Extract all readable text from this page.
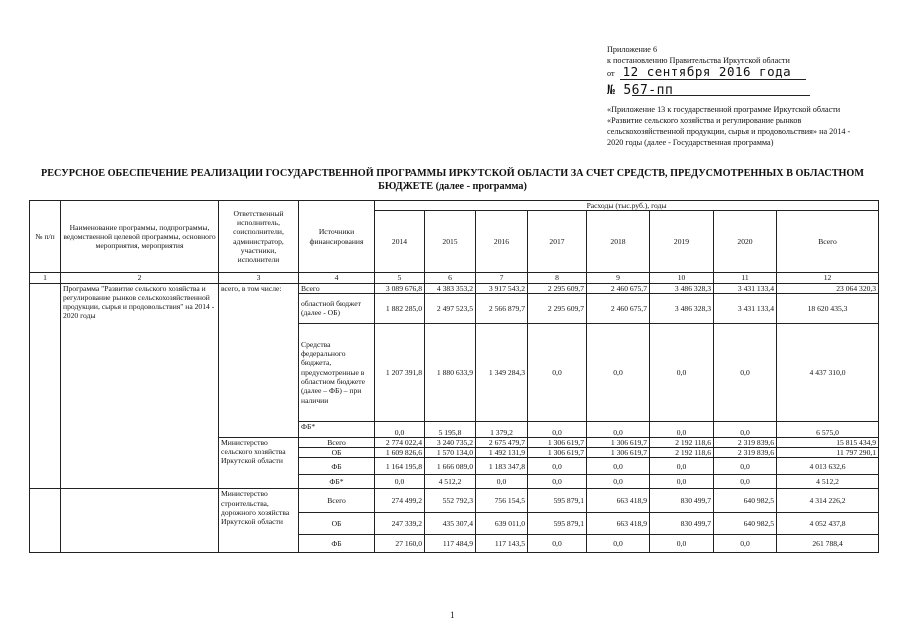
Приложение 6
к постановлению Правительства Иркутской области
от 12 сентября 2016 года
№ 567-пп
«Приложение 13 к государственной программе Иркутской области «Развитие сельского хозяйства и регулирование рынков сельскохозяйственной продукции, сырья и продовольствия» на 2014 - 2020 годы (далее - Государственная программа)
РЕСУРСНОЕ ОБЕСПЕЧЕНИЕ РЕАЛИЗАЦИИ ГОСУДАРСТВЕННОЙ ПРОГРАММЫ ИРКУТСКОЙ ОБЛАСТИ ЗА СЧЕТ СРЕДСТВ, ПРЕДУСМОТРЕННЫХ В ОБЛАСТНОМ БЮДЖЕТЕ (далее - программа)
№ п/п	Наименование программы, подпрограммы, ведомственной целевой программы, основного мероприятия, мероприятия	Ответственный исполнитель, соисполнители, администратор, участники, исполнители	Источники финансирования	Расходы (тыс.руб.), годы							
				2014	2015	2016	2017	2018	2019	2020	Всего
1	2	3	4	5	6	7	8	9	10	11	12
	Программа "Развитие сельского хозяйства и регулирование рынков сельскохозяйственной продукции, сырья и продовольствия" на 2014 - 2020 годы	всего, в том числе:	Всего	3 089 676,8	4 383 353,2	3 917 543,2	2 295 609,7	2 460 675,7	3 486 328,3	3 431 133,4	23 064 320,3
			областной бюджет (далее - ОБ)	1 882 285,0	2 497 523,5	2 566 879,7	2 295 609,7	2 460 675,7	3 486 328,3	3 431 133,4	18 620 435,3
			Средства федерального бюджета, предусмотренные в областном бюджете (далее – ФБ) – при наличии	1 207 391,8	1 880 633,9	1 349 284,3	0,0	0,0	0,0	0,0	4 437 310,0
			ФБ*	0,0	5 195,8	1 379,2	0,0	0,0	0,0	0,0	6 575,0
		Министерство сельского хозяйства Иркутской области	Всего	2 774 022,4	3 240 735,2	2 675 479,7	1 306 619,7	1 306 619,7	2 192 118,6	2 319 839,6	15 815 434,9
			ОБ	1 609 826,6	1 570 134,0	1 492 131,9	1 306 619,7	1 306 619,7	2 192 118,6	2 319 839,6	11 797 290,1
			ФБ	1 164 195,8	1 666 089,0	1 183 347,8	0,0	0,0	0,0	0,0	4 013 632,6
			ФБ*	0,0	4 512,2	0,0	0,0	0,0	0,0	0,0	4 512,2
		Министерство строительства, дорожного хозяйства Иркутской области	Всего	274 499,2	552 792,3	756 154,5	595 879,1	663 418,9	830 499,7	640 982,5	4 314 226,2
			ОБ	247 339,2	435 307,4	639 011,0	595 879,1	663 418,9	830 499,7	640 982,5	4 052 437,8
			ФБ	27 160,0	117 484,9	117 143,5	0,0	0,0	0,0	0,0	261 788,4
1
